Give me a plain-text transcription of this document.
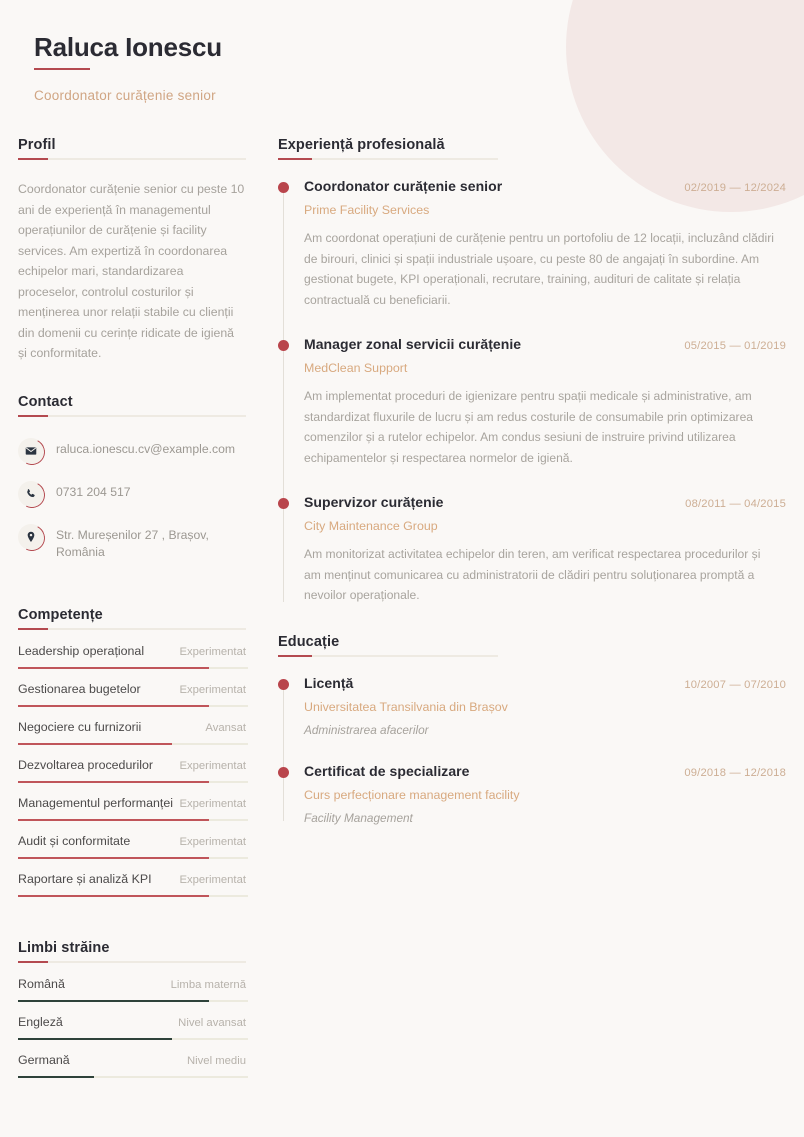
Raluca Ionescu
Coordonator curățenie senior
Profil

Coordonator curățenie senior cu peste 10 ani de experiență în managementul operațiunilor de curățenie și facility services. Am expertiză în coordonarea echipelor mari, standardizarea proceselor, controlul costurilor și menținerea unor relații stabile cu clienții din domenii cu cerințe ridicate de igienă și conformitate.

Contact
raluca.ionescu.cv@example.com
0731 204 517
Str. Mureșenilor 27 , Brașov, România
Competențe
Leadership operațional	Experimentat
Gestionarea bugetelor	Experimentat
Negociere cu furnizorii	Avansat
Dezvoltarea procedurilor Experimentat
Managementul performanței Experimentat
Audit și conformitate	Experimentat
Raportare și analiză KPI Experimentat
Limbi străine
Română	Limba maternă
Engleză	Nivel avansat
Germană	Nivel mediu
Experiență profesională
Coordonator curățenie senior	02/2019 — 12/2024
Prime Facility Services

Am coordonat operațiuni de curățenie pentru un portofoliu de 12 locații, incluzând clădiri de birouri, clinici și spații industriale ușoare, cu peste 80 de angajați în subordine. Am gestionat bugete, KPI operaționali, recrutare, training, audituri de calitate și relația contractuală cu beneficiarii.

Manager zonal servicii curățenie	05/2015 — 01/2019
MedClean Support

Am implementat proceduri de igienizare pentru spații medicale și administrative, am standardizat fluxurile de lucru și am redus costurile de consumabile prin optimizarea comenzilor și a rutelor echipelor. Am condus sesiuni de instruire privind utilizarea echipamentelor și respectarea normelor de igienă.

Supervizor curățenie	08/2011 — 04/2015
City Maintenance Group

Am monitorizat activitatea echipelor din teren, am verificat respectarea procedurilor și am menținut comunicarea cu administratorii de clădiri pentru soluționarea promptă a nevoilor operaționale.

Educație
Licență	10/2007 — 07/2010
Universitatea Transilvania din Brașov
Administrarea afacerilor
Certificat de specializare	09/2018 — 12/2018
Curs perfecționare management facility
Facility Management
